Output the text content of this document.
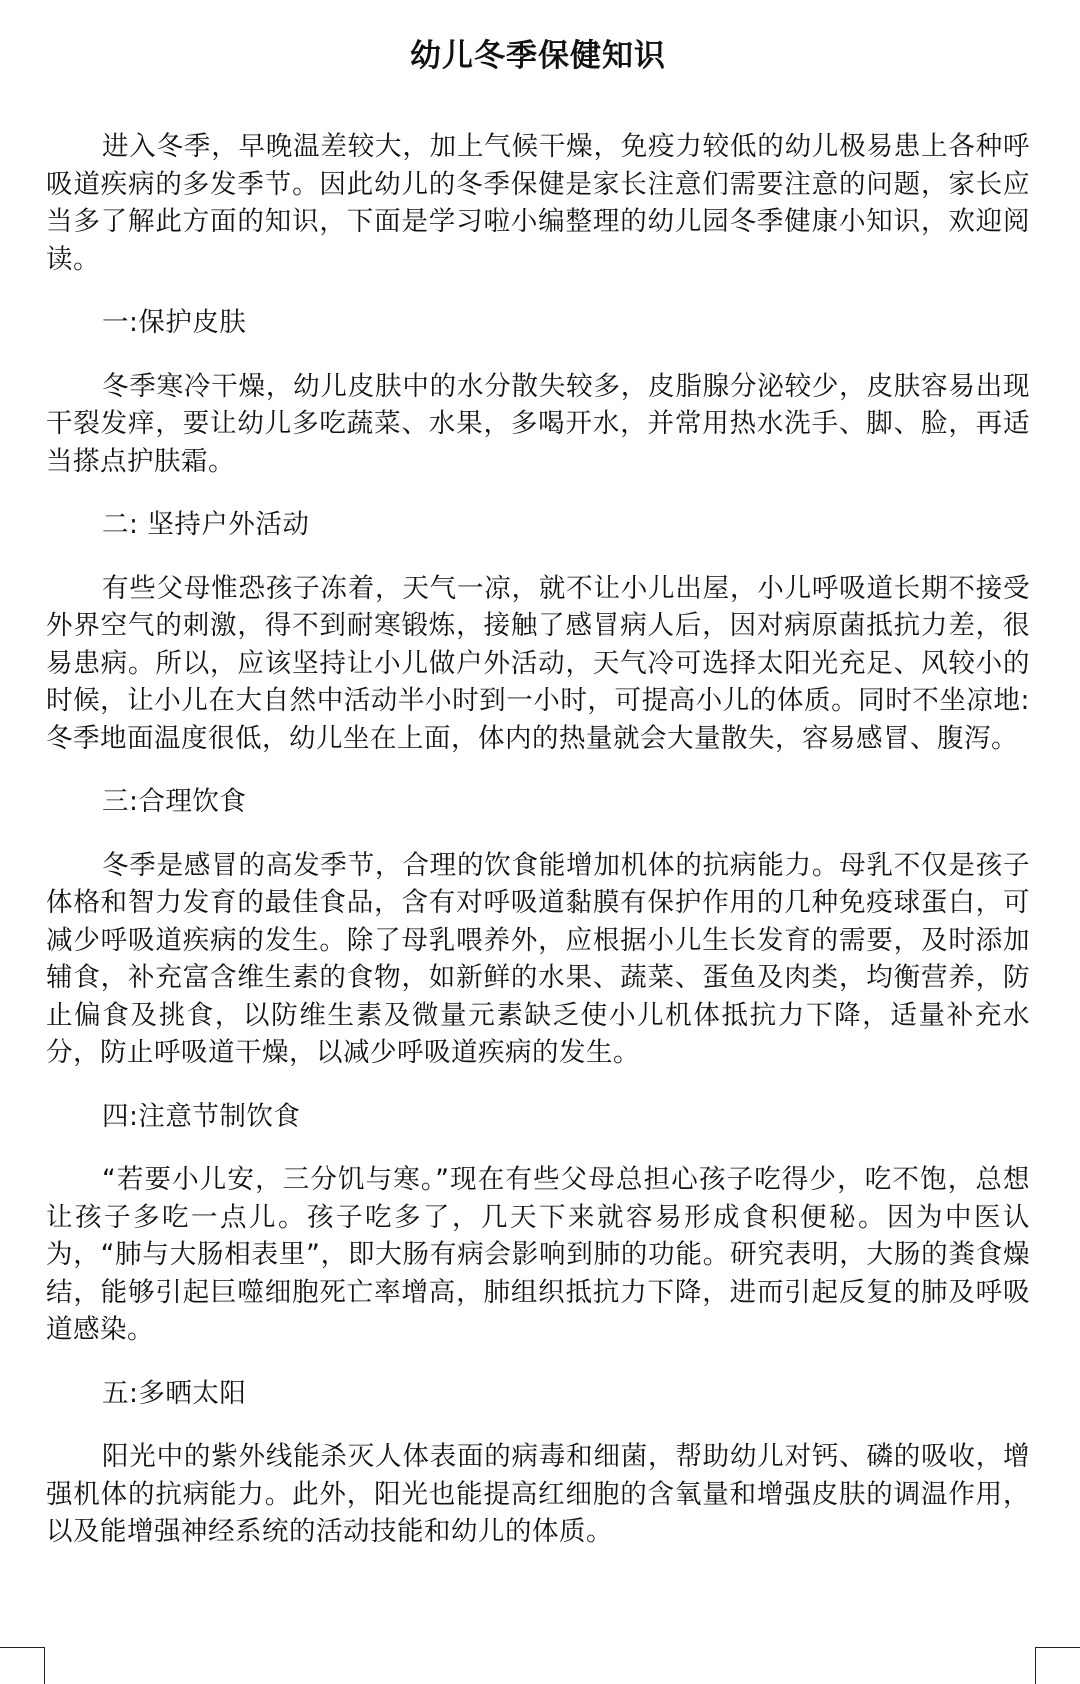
幼儿冬季保健知识

进入冬季，早晚温差较大，加上气候干燥，免疫力较低的幼儿极易患上各种呼吸道疾病的多发季节。因此幼儿的冬季保健是家长注意们需要注意的问题，家长应当多了解此方面的知识，下面是学习啦小编整理的幼儿园冬季健康小知识，欢迎阅读。

一:保护皮肤

冬季寒冷干燥，幼儿皮肤中的水分散失较多，皮脂腺分泌较少，皮肤容易出现干裂发痒，要让幼儿多吃蔬菜、水果，多喝开水，并常用热水洗手、脚、脸，再适当搽点护肤霜。

二: 坚持户外活动

有些父母惟恐孩子冻着，天气一凉，就不让小儿出屋，小儿呼吸道长期不接受外界空气的刺激，得不到耐寒锻炼，接触了感冒病人后，因对病原菌抵抗力差，很易患病。所以，应该坚持让小儿做户外活动，天气冷可选择太阳光充足、风较小的时候，让小儿在大自然中活动半小时到一小时，可提高小儿的体质。同时不坐凉地:冬季地面温度很低，幼儿坐在上面，体内的热量就会大量散失，容易感冒、腹泻。

三:合理饮食

冬季是感冒的高发季节，合理的饮食能增加机体的抗病能力。母乳不仅是孩子体格和智力发育的最佳食品，含有对呼吸道黏膜有保护作用的几种免疫球蛋白，可减少呼吸道疾病的发生。除了母乳喂养外，应根据小儿生长发育的需要，及时添加辅食，补充富含维生素的食物，如新鲜的水果、蔬菜、蛋鱼及肉类，均衡营养，防止偏食及挑食，以防维生素及微量元素缺乏使小儿机体抵抗力下降，适量补充水分，防止呼吸道干燥，以减少呼吸道疾病的发生。

四:注意节制饮食

“若要小儿安，三分饥与寒。”现在有些父母总担心孩子吃得少，吃不饱，总想让孩子多吃一点儿。孩子吃多了，几天下来就容易形成食积便秘。因为中医认为，“肺与大肠相表里”，即大肠有病会影响到肺的功能。研究表明，大肠的粪食燥结，能够引起巨噬细胞死亡率增高，肺组织抵抗力下降，进而引起反复的肺及呼吸道感染。

五:多晒太阳

阳光中的紫外线能杀灭人体表面的病毒和细菌，帮助幼儿对钙、磷的吸收，增强机体的抗病能力。此外，阳光也能提高红细胞的含氧量和增强皮肤的调温作用，以及能增强神经系统的活动技能和幼儿的体质。
